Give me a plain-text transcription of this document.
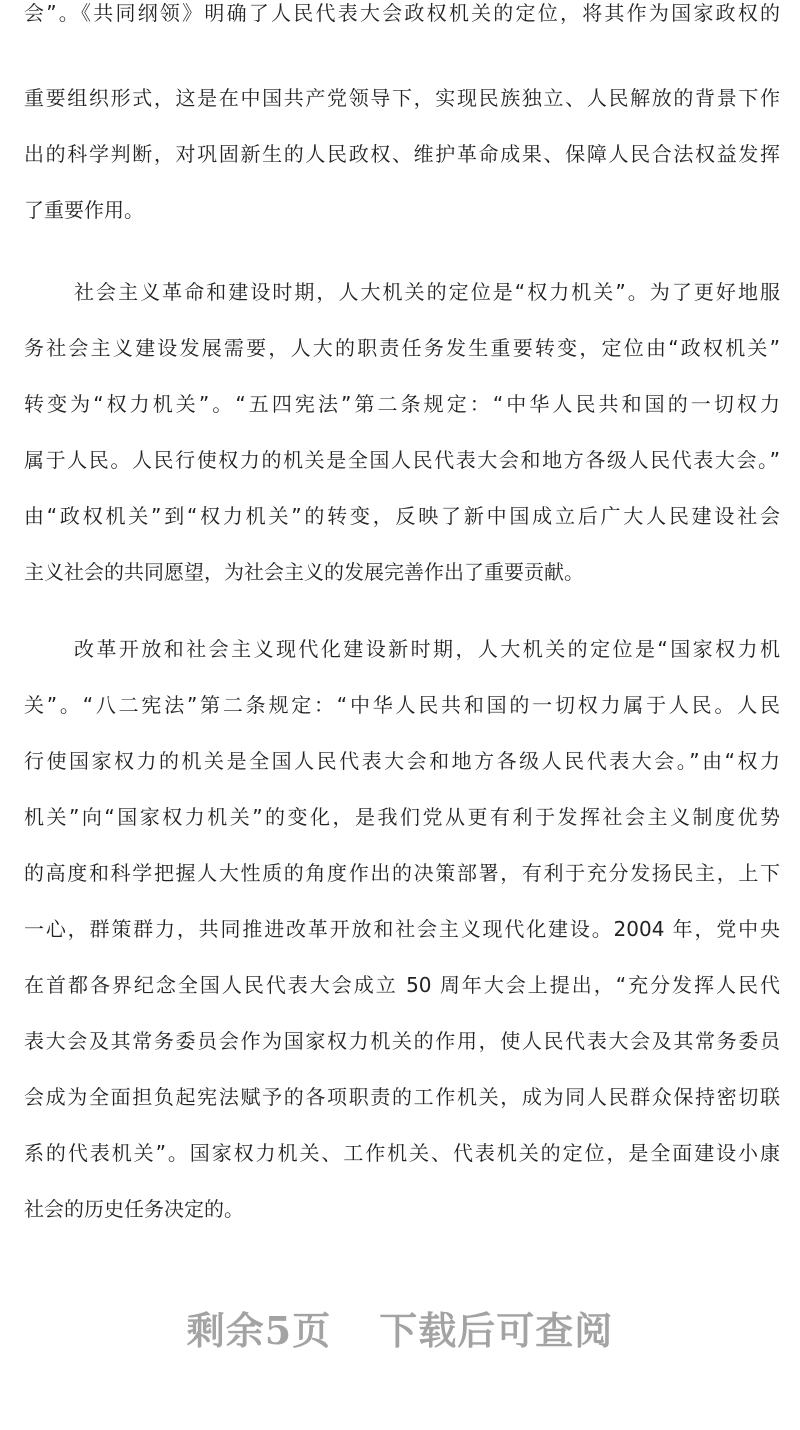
会”。《共同纲领》明确了人民代表大会政权机关的定位，将其作为国家政权的
重要组织形式，这是在中国共产党领导下，实现民族独立、人民解放的背景下作
出的科学判断，对巩固新生的人民政权、维护革命成果、保障人民合法权益发挥
了重要作用。
社会主义革命和建设时期，人大机关的定位是“权力机关”。为了更好地服
务社会主义建设发展需要，人大的职责任务发生重要转变，定位由“政权机关”
转变为“权力机关”。“五四宪法”第二条规定：“中华人民共和国的一切权力
属于人民。人民行使权力的机关是全国人民代表大会和地方各级人民代表大会。”
由“政权机关”到“权力机关”的转变，反映了新中国成立后广大人民建设社会
主义社会的共同愿望，为社会主义的发展完善作出了重要贡献。
改革开放和社会主义现代化建设新时期，人大机关的定位是“国家权力机
关”。“八二宪法”第二条规定：“中华人民共和国的一切权力属于人民。人民
行使国家权力的机关是全国人民代表大会和地方各级人民代表大会。”由“权力
机关”向“国家权力机关”的变化，是我们党从更有利于发挥社会主义制度优势
的高度和科学把握人大性质的角度作出的决策部署，有利于充分发扬民主，上下
一心，群策群力，共同推进改革开放和社会主义现代化建设。2004 年，党中央
在首都各界纪念全国人民代表大会成立 50 周年大会上提出，“充分发挥人民代
表大会及其常务委员会作为国家权力机关的作用，使人民代表大会及其常务委员
会成为全面担负起宪法赋予的各项职责的工作机关，成为同人民群众保持密切联
系的代表机关”。国家权力机关、工作机关、代表机关的定位，是全面建设小康
社会的历史任务决定的。
剩余5页 下载后可查阅
